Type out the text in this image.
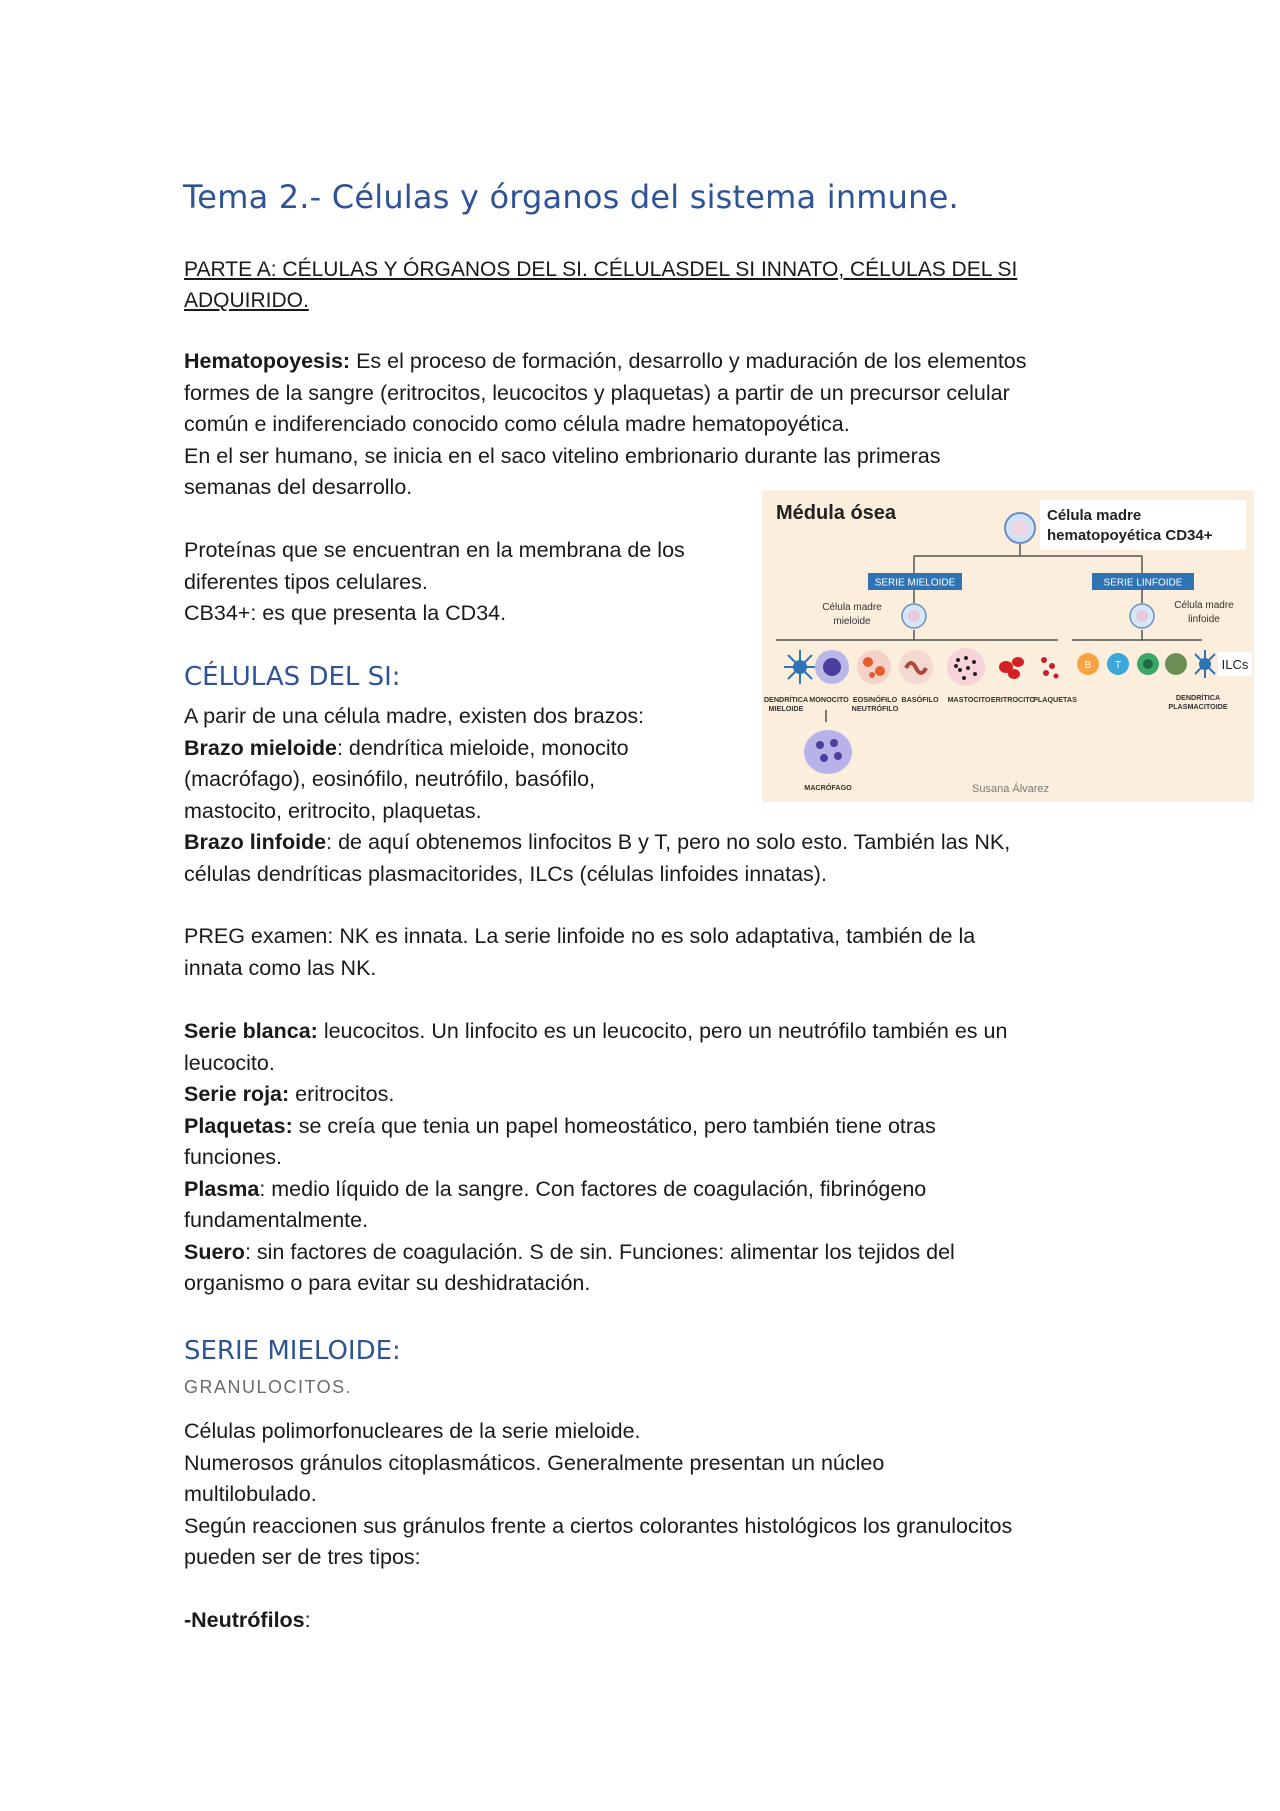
Tema 2.- Células y órganos del sistema inmune.
PARTE A: CÉLULAS Y ÓRGANOS DEL SI. CÉLULASDEL SI INNATO, CÉLULAS DEL SI
ADQUIRIDO.
Hematopoyesis: Es el proceso de formación, desarrollo y maduración de los elementos
formes de la sangre (eritrocitos, leucocitos y plaquetas) a partir de un precursor celular
común e indiferenciado conocido como célula madre hematopoyética.
En el ser humano, se inicia en el saco vitelino embrionario durante las primeras
semanas del desarrollo.
Proteínas que se encuentran en la membrana de los
diferentes tipos celulares.
CB34+: es que presenta la CD34.
CÉLULAS DEL SI:
A parir de una célula madre, existen dos brazos:
Brazo mieloide: dendrítica mieloide, monocito
(macrófago), eosinófilo, neutrófilo, basófilo,
mastocito, eritrocito, plaquetas.
Brazo linfoide: de aquí obtenemos linfocitos B y T, pero no solo esto. También las NK,
células dendríticas plasmacitorides, ILCs (células linfoides innatas).
PREG examen: NK es innata. La serie linfoide no es solo adaptativa, también de la
innata como las NK.
Serie blanca: leucocitos. Un linfocito es un leucocito, pero un neutrófilo también es un
leucocito.
Serie roja: eritrocitos.
Plaquetas: se creía que tenia un papel homeostático, pero también tiene otras
funciones.
Plasma: medio líquido de la sangre. Con factores de coagulación, fibrinógeno
fundamentalmente.
Suero: sin factores de coagulación. S de sin. Funciones: alimentar los tejidos del
organismo o para evitar su deshidratación.
SERIE MIELOIDE:
GRANULOCITOS.
Células polimorfonucleares de la serie mieloide.
Numerosos gránulos citoplasmáticos. Generalmente presentan un núcleo
multilobulado.
Según reaccionen sus gránulos frente a ciertos colorantes histológicos los granulocitos
pueden ser de tres tipos:

-Neutrófilos:
Médula ósea	Célula madre
hematopoyética CD34+
SERIE MIELOIDE	SERIE LINFOIDE
Célula madre
mieloide
Célula madre
linfoide
B T	ILCs
DENDRÍTICA
MIELOIDE
MONOCITO EOSINÓFILO
NEUTRÓFILO
BASÓFILO MASTOCITO ERITROCITO
PLAQUETAS	DENDRÍTICA
PLASMACITOIDE
MACRÓFAGO	Susana Álvarez
